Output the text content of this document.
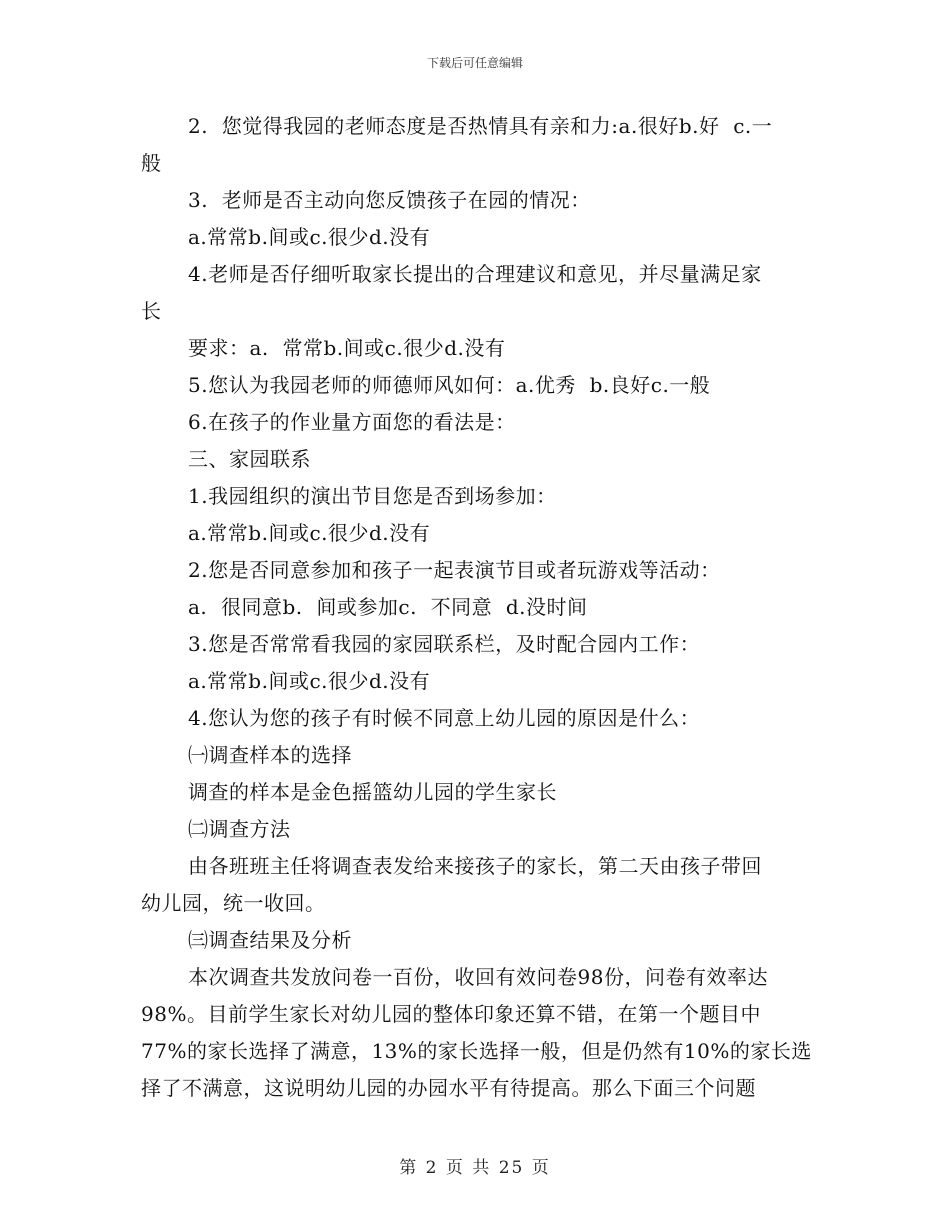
下载后可任意编辑
2.  您觉得我园的老师态度是否热情具有亲和力:a.很好b.好  c.一
般
3.  老师是否主动向您反馈孩子在园的情况：
a.常常b.间或c.很少d.没有
4.老师是否仔细听取家长提出的合理建议和意见，并尽量满足家
长
要求：a.  常常b.间或c.很少d.没有
5.您认为我园老师的师德师风如何：a.优秀  b.良好c.一般
6.在孩子的作业量方面您的看法是：
三、家园联系
1.我园组织的演出节目您是否到场参加：
a.常常b.间或c.很少d.没有
2.您是否同意参加和孩子一起表演节目或者玩游戏等活动：
a.  很同意b.  间或参加c.  不同意  d.没时间
3.您是否常常看我园的家园联系栏，及时配合园内工作：
a.常常b.间或c.很少d.没有
4.您认为您的孩子有时候不同意上幼儿园的原因是什么：
㈠调查样本的选择
调查的样本是金色摇篮幼儿园的学生家长
㈡调查方法
由各班班主任将调查表发给来接孩子的家长，第二天由孩子带回
幼儿园，统一收回。
㈢调查结果及分析
本次调查共发放问卷一百份，收回有效问卷98份，问卷有效率达
98%。目前学生家长对幼儿园的整体印象还算不错，在第一个题目中
77%的家长选择了满意，13%的家长选择一般，但是仍然有10%的家长选
择了不满意，这说明幼儿园的办园水平有待提高。那么下面三个问题
第 2 页 共 25 页
